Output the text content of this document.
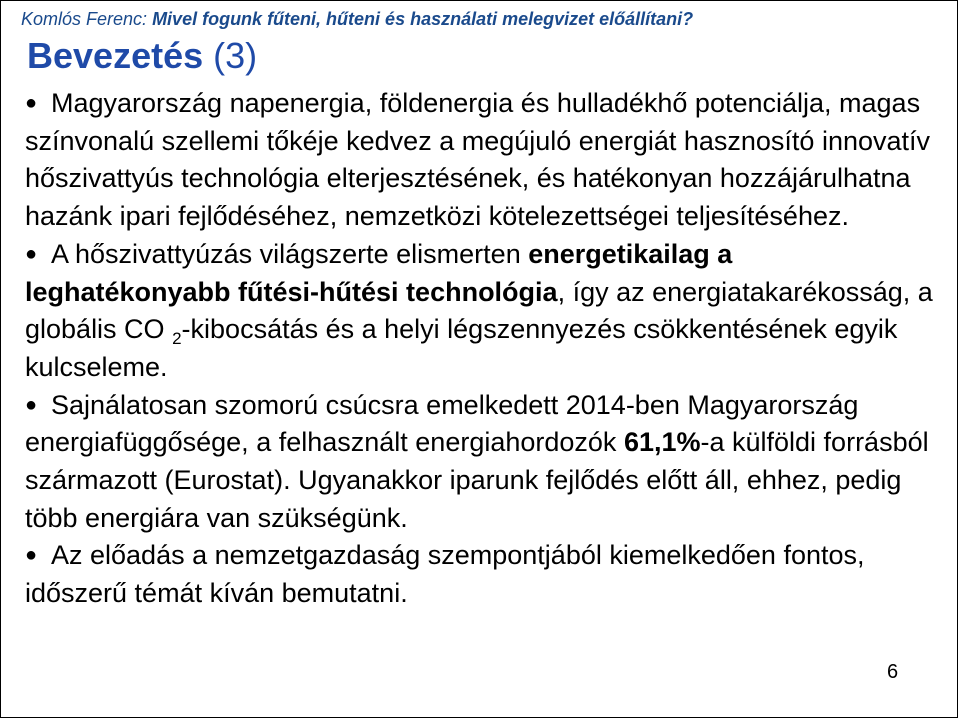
Komlós Ferenc: Mivel fogunk fűteni, hűteni és használati melegvizet előállítani?
Bevezetés (3)

● Magyarország napenergia, földenergia és hulladékhő potenciálja, magas színvonalú szellemi tőkéje kedvez a megújuló energiát hasznosító innovatív hőszivattyús technológia elterjesztésének, és hatékonyan hozzájárulhatna hazánk ipari fejlődéséhez, nemzetközi kötelezettségei teljesítéséhez.

● A hőszivattyúzás világszerte elismerten energetikailag a leghatékonyabb fűtési-hűtési technológia, így az energiatakarékosság, a globális CO $_2$-kibocsátás és a helyi légszennyezés csökkentésének egyik kulcseleme.

● Sajnálatosan szomorú csúcsra emelkedett 2014-ben Magyarország energiafüggősége, a felhasznált energiahordozók 61,1%-a külföldi forrásból származott (Eurostat). Ugyanakkor iparunk fejlődés előtt áll, ehhez, pedig több energiára van szükségünk.

● Az előadás a nemzetgazdaság szempontjából kiemelkedően fontos, időszerű témát kíván bemutatni.

6
